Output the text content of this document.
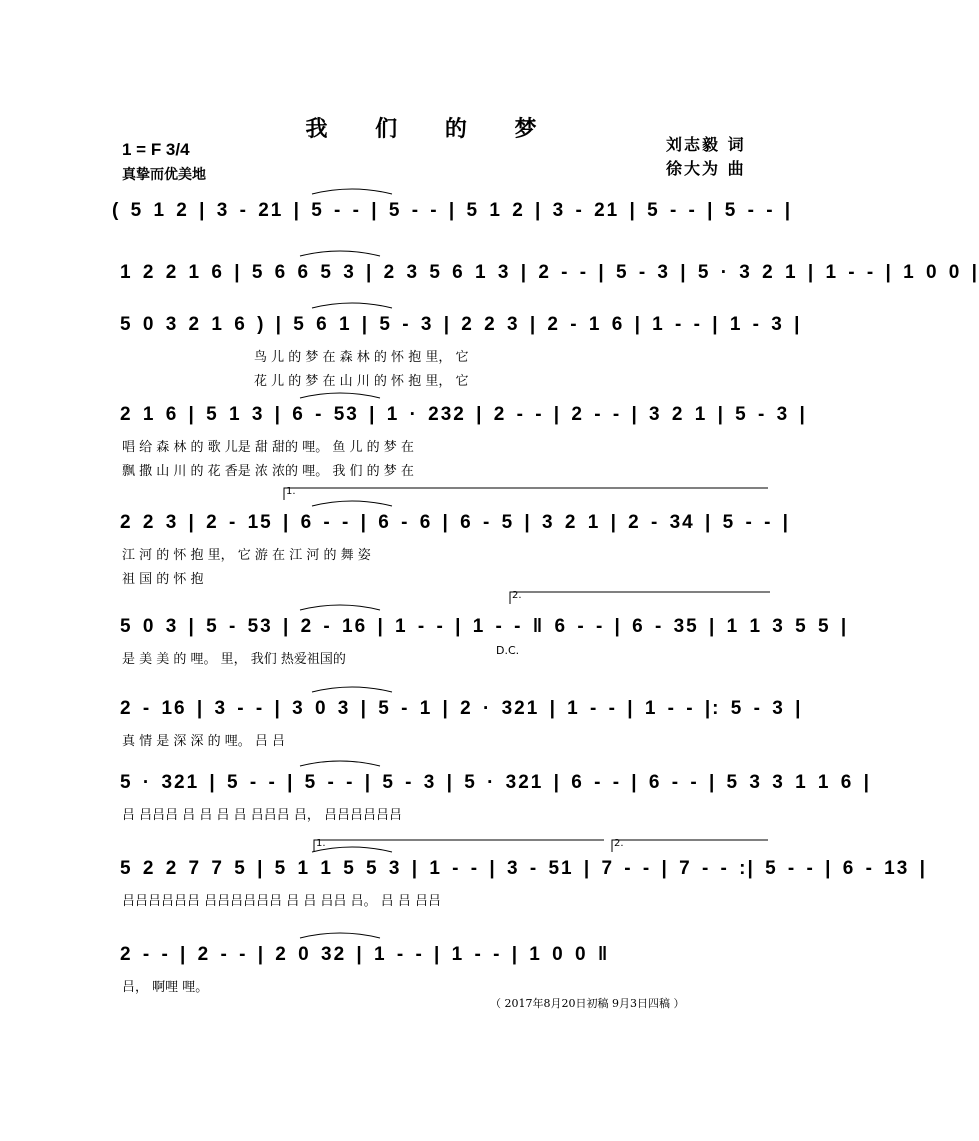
我 们 的 梦
1 = F 3/4
真挚而优美地
刘志毅 词
徐大为 曲
( 5 1 2 | 3 - 21 | 5 - - | 5 - - | 5 1 2 | 3 - 21 | 5 - - | 5 - - |
1 2 2 1 6 | 5 6 6 5 3 | 2 3 5 6 1 3 | 2 - - | 5 - 3 | 5 · 3 2 1 | 1 - - | 1 0 0 |
5 0 3 2 1 6 ) | 5 6 1 | 5 - 3 | 2 2 3 | 2 - 1 6 | 1 - - | 1 - 3 |
鸟 儿 的 梦 在 森 林 的 怀 抱 里， 它
花 儿 的 梦 在 山 川 的 怀 抱 里， 它
2 1 6 | 5 1 3 | 6 - 53 | 1 · 232 | 2 - - | 2 - - | 3 2 1 | 5 - 3 |
唱 给 森 林 的 歌 儿是 甜 甜的 哩。 鱼 儿 的 梦 在
飘 撒 山 川 的 花 香是 浓 浓的 哩。 我 们 的 梦 在
2 2 3 | 2 - 15 | 6 - - | 6 - 6 | 6 - 5 | 3 2 1 | 2 - 34 | 5 - - |
江 河 的 怀 抱 里， 它 游 在 江 河 的 舞 姿
祖 国 的 怀 抱
1.
5 0 3 | 5 - 53 | 2 - 16 | 1 - - | 1 - - ‖ 6 - - | 6 - 35 | 1 1 3 5 5 |
是 美 美 的 哩。 里， 我们 热爱祖国的
2.
D.C.
2 - 16 | 3 - - | 3 0 3 | 5 - 1 | 2 · 321 | 1 - - | 1 - - |: 5 - 3 |
真 情 是 深 深 的 哩。 吕 吕
5 · 321 | 5 - - | 5 - - | 5 - 3 | 5 · 321 | 6 - - | 6 - - | 5 3 3 1 1 6 |
吕 吕吕吕 吕 吕 吕 吕 吕吕吕 吕， 吕吕吕吕吕吕
5 2 2 7 7 5 | 5 1 1 5 5 3 | 1 - - | 3 - 51 | 7 - - | 7 - - :| 5 - - | 6 - 13 |
吕吕吕吕吕吕 吕吕吕吕吕吕 吕 吕 吕吕 吕。 吕 吕 吕吕
1.	2.
2 - - | 2 - - | 2 0 32 | 1 - - | 1 - - | 1 0 0 ‖
吕， 啊哩 哩。
（ 2017年8月20日初稿 9月3日四稿 ）
